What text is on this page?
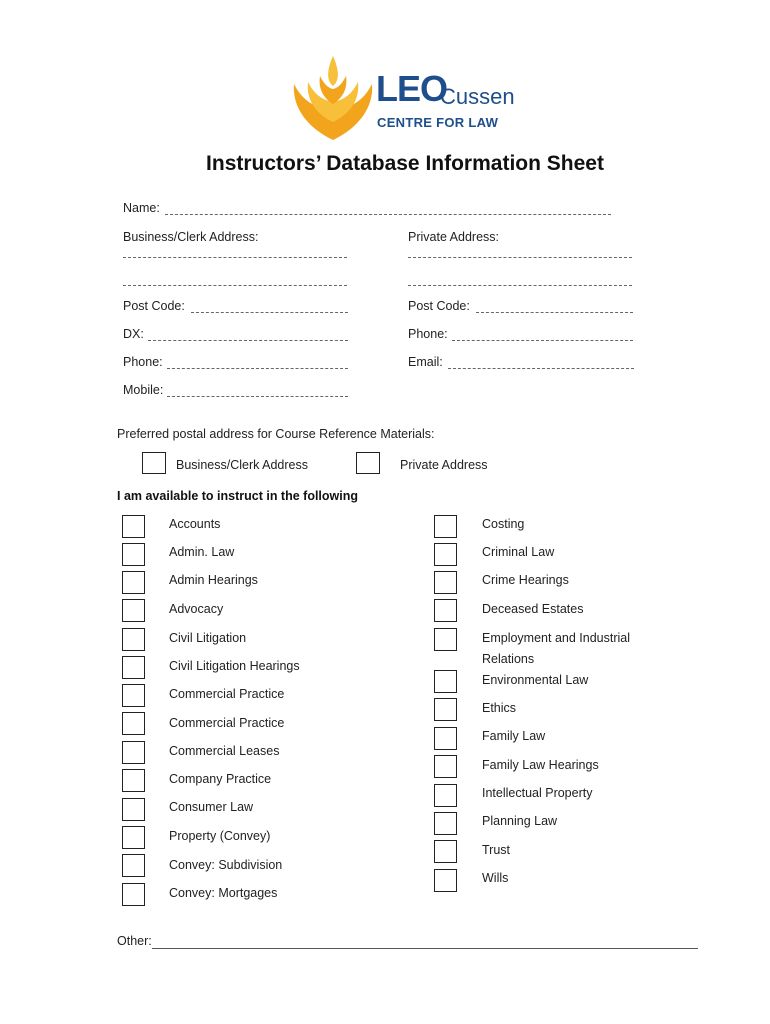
LEO
Cussen
CENTRE FOR LAW
Instructors’ Database Information Sheet
Name:
Business/Clerk Address:	Private Address:
Post Code:	Post Code:
DX:	Phone:
Phone:	Email:
Mobile:
Preferred postal address for Course Reference Materials:
Business/Clerk Address	Private Address
I am available to instruct in the following
Accounts
Admin. Law
Admin Hearings
Advocacy
Civil Litigation
Civil Litigation Hearings
Commercial Practice
Commercial Practice
Commercial Leases
Company Practice
Consumer Law
Property (Convey)
Convey: Subdivision
Convey: Mortgages
Costing
Criminal Law
Crime Hearings
Deceased Estates
Employment and Industrial
Relations
Environmental Law
Ethics
Family Law
Family Law Hearings
Intellectual Property
Planning Law
Trust
Wills
Other:
